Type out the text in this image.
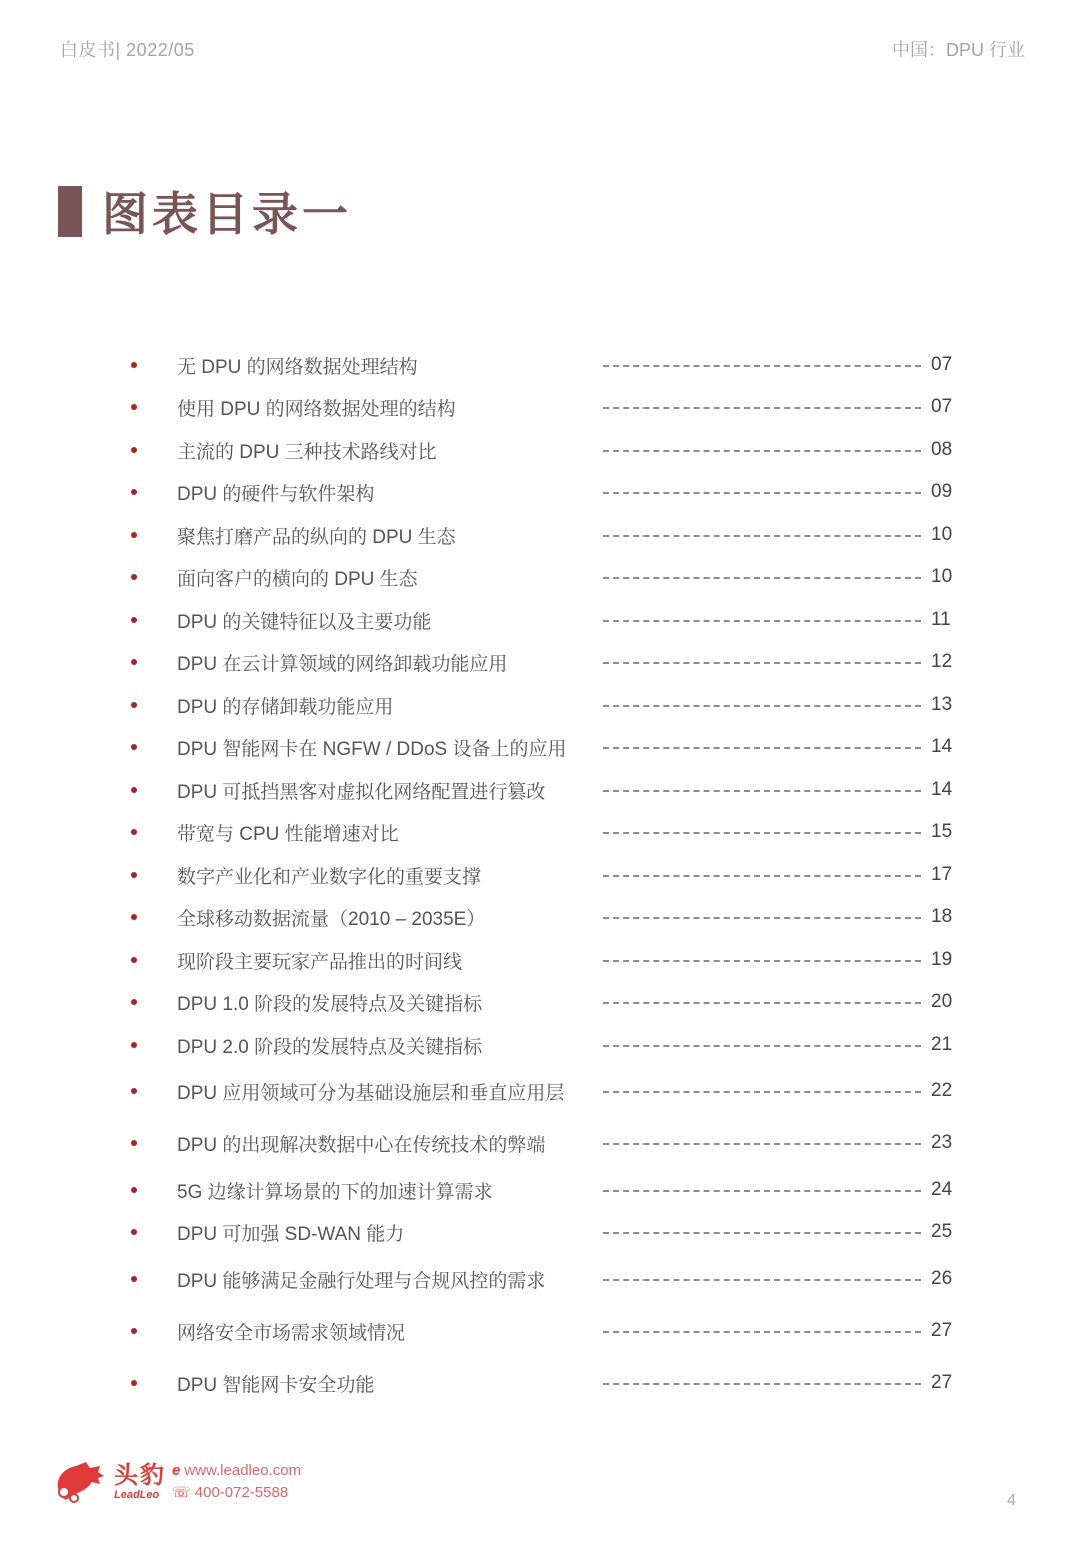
白皮书| 2022/05	中国：DPU 行业
图表目录一
无 DPU 的网络数据处理结构	07
使用 DPU 的网络数据处理的结构	07
主流的 DPU 三种技术路线对比	08
DPU 的硬件与软件架构	09
聚焦打磨产品的纵向的 DPU 生态	10
面向客户的横向的 DPU 生态	10
DPU 的关键特征以及主要功能	11
DPU 在云计算领域的网络卸载功能应用	12
DPU 的存储卸载功能应用	13
DPU 智能网卡在 NGFW / DDoS 设备上的应用	14
DPU 可抵挡黑客对虚拟化网络配置进行篡改	14
带宽与 CPU 性能增速对比	15
数字产业化和产业数字化的重要支撑	17
全球移动数据流量（2010 – 2035E）	18
现阶段主要玩家产品推出的时间线	19
DPU 1.0 阶段的发展特点及关键指标	20
DPU 2.0 阶段的发展特点及关键指标	21
DPU 应用领域可分为基础设施层和垂直应用层	22
DPU 的出现解决数据中心在传统技术的弊端	23
5G 边缘计算场景的下的加速计算需求	24
DPU 可加强 SD-WAN 能力	25
DPU 能够满足金融行处理与合规风控的需求	26
网络安全市场需求领域情况	27
DPU 智能网卡安全功能	27
头豹
LeadLeo
e www.leadleo.com
☏ 400-072-5588	4
